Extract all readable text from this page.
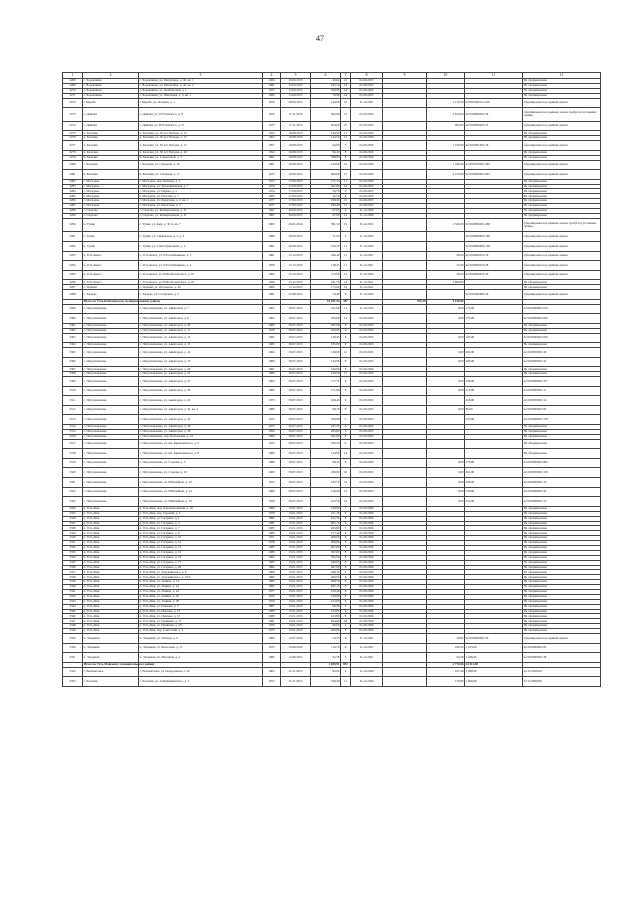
47
1	2	3	4	5	6	7	8	9	10	11	12
3268	с. Боровлянка	с. Боровлянка, ул. Магдалина, д. 4б, кв. 1	1984	15.09.2015	40,64	12	01.09.2025				Не сформировано
3269	с. Боровлянка	с. Боровлянка, ул. Магдалина, д. 4б, кв. 2	1981	15.09.2015	183,14	14	01.09.2025				Не сформировано
3270	с. Боровлянка	с. Боровлянка, ул. Октябрьская, д. 1	1972	15.09.2015	169,96	14	01.09.2025				Не сформировано
3271	с. Боровлянка	с. Боровлянка, ул. Школьная, д. 3, кв. 1	1982	15.09.2015	79,98	14	01.09.2025				Не сформировано
3272	г. Барыбь	г. Барыбь, ул. Озерная, д. 1	1976	28.09.2015	149,00	16	31.12.2021		1 179,00	42:29:0400111:166	Сформирован под единым домом
3273	с. Дмитки	с. Дмитки, ул. П.Угланского, д. 9	1970	17.11.2016	302,00	17	01.09.2025		2 013,00	42:29:0600021:59	Сформирован под единым домом, требуется уточнение границ
3274	с. Дмитки	с. Дмитки, ул. Н.Угланского, д. 15	1975	17.11.2016	304,00	27	01.09.2025		963,00	42:29:0600021:55	Сформирован под единым домом
3275	п. Калачик	п. Калачик, ул. 30 лет Победы, д. 14	1954	19.08.2015	144,50	11	01.09.2026				Не сформировано
3276	п. Калачик	п. Калачик, ул. 30 лет Победы, д. 15	1962	19.08.2015	144,50	11	01.09.2026				Не сформировано
3277	п. Калачик	п. Калачик, ул. 30 лет Победы, д. 17	1957	19.08.2015	94,90	7	01.09.2026		1 100,00	42:29:0901002:36	Сформирован под единым домом
3278	п. Калачик	п. Калачик, ул. 30 лет Победы, д. 46	1952	19.08.2015	96,40	8	01.09.2026				Не сформировано
3279	п. Калачик	п. Калачик, ул. Г.Арысовой, д. 3	1961	19.08.2015	188,80	8	01.09.2026				Не сформировано
3280	с. Калачик	с. Калачик, ул. Суворова, д. 29	1961	19.08.2015	410,60	16	01.09.2026		1 326,00	42:29:0070301:364	Сформирован под единым домом
3281	п. Калачик	п. Калачик, ул. Северная, д. 17	1975	19.08.2015	490,00	17	01.09.2026		2 153,00	42:29:0900001:843	Сформирован под единым домом
3282	с. Магадань	с. Магадань, пер. Коннова, д. 3	1973	17.09.2015	171,13	11	01.09.2026				Не сформировано
3283	с. Магадань	с. Магадань, ул. Урожайнинская, д. 7	1976	17.09.2015	321,80	12	01.09.2025				Не сформировано
3284	с. Магадань	с. Магадань, ул. Первая, д. 2	1974	17.09.2015	59,70	4	01.09.2025				Не сформировано
3285	с. Магадань	с. Магадань, ул. Песочня, д. 7	1983	17.09.2015	32,50	4	01.09.2025				Не сформировано
3286	с. Магадань	с. Магадань, ул. Береговая, д. 2, кв. 1	1977	17.09.2015	198,39	12	01.09.2025				Не сформировано
3287	с. Магадань	с. Магадань, ул. Береговая, д. 3	1977	17.09.2015	296,40	12	01.09.2025				Не сформировано
3288	с. Сиделка	с. Сиделка, ул. Коммунальная, д. 31	1967	30.09.2015	67,00	6	31.12.2020				Не сформировано
3289	с. Сиделка	с. Сиделка, ул. Коммунальная, д. 31	1967	30.09.2015	67,00	12	31.12.2020				Не сформировано
3290	п. Тупик	с. Тупик, ул. Кыр, д. 30 А, кв. 7	1963	20.01.2016	381,50	15	31.12.2021		1 520,00	42:29:0800001:268	Сформирован под единым домом, требуется уточнение границ
3291	с. Тупик	с. Тупик, ул. Сивковская, д. 2, д. 2	1968	20.09.2015	71,50	4	31.12.2023			42:29:0800002:160	Сформирован под единым домом
3292	п. Тупик	с. Тупик, ул. Стёпа Ермолаева, д. 2	1961	20.08.2015	150,10	11	31.12.2023			42:29:0800002:158	Сформирован под единым домом
3293	п. Усть-Кокса	с. Усть-Кокса, ул. П.П.Олейникова, д. 3	1961	15.12.2015	160,40	11	31.12.2021		20,00	42:29:0600013:18	Сформирован под единым домом
3294	п. Усть-Кокса	с. Усть-Кокса, ул. П.П.Олейникова, д. 4	1958	15.12.2015	138,25	11	31.12.2021		25,00	42:29:0600013:28	Сформирован под единым домом
3295	п. Усть-Кокса	с. Усть-Кокса, ул. Н.Ф.Оболенского, д. 10	1962	15.12.2015	153,60	12	31.12.2020		36,00	42:29:0600013:30	Сформирован под единым домом
3296	п. Усть-Кокса	с. Усть-Кокса, ул. Н.Ф.Оболенского, д. 23	1958	15.12.2015	161,70	13	31.12.2021		1 900,00		Не сформировано
3297	с. Черный	с. Черный, ул. Оболенска, д. 26	1969	15.12.2015	173,90	16	31.12.2021				Не сформировано
3298	с. Загорье	с. Загорье, ул. Салтычева, д. 3	1981	21.08.2015	79,40	8	31.12.2023			42:29:0400602:26	Сформирован под единым домом
	Итого по Усть-Кобиленскому муниципальному району				16 201,24	487		395,49	9 610,00		
3299	с. Петропавловка	с. Петропавловка, ул. Авиаторов, д. 7	1963	30.07.2013	191,69	11	31.12.2014		0,00	175,00	42:29:0000001:615
3300	с. Петропавловка	с. Петропавловка, ул. Авиаторов, д. 8	1963	30.07.2013	185,00	14	01.09.2025		0,00	170,00	42:29:0000001:667
3301	с. Петропавловка	с. Петропавловка, ул. Авиаторов, д. 20	1985	30.07.2013	181,60	9	01.09.2025				Не сформировано
3302	с. Петропавловка	с. Петропавловка, ул. Авиаторов, д. 11	1978	30.07.2013	184,00	9	01.09.2025				Не сформировано
3303	с. Петропавловка	с. Петропавловка, ул. Авиаторов, д. 12	1982	30.07.2013	128,45	8	01.09.2025		0,00	195,00	42:29:0000001:635
3304	с. Петропавловка	с. Петропавловка, ул. Авиаторов, д. 13	1983	30.07.2013	185,00	9	01.09.2025				Не сформировано
3305	с. Петропавловка	с. Петропавловка, ул. Авиаторов, д. 14	1964	30.07.2013	128,00	12	01.09.2025		0,00	202,00	42:29:0000001:45
3306	с. Петропавловка	с. Петропавловка, ул. Авиаторов, д. 15	1984	30.07.2013	134,96	8	01.09.2025		0,00	200,00	42:29:0000001:52
3307	с. Петропавловка	с. Петропавловка, ул. Авиаторов, д. 20	1961	30.07.2013	140,00	8	01.09.2026				Не сформировано
3308	с. Петропавловка	с. Петропавловка, ул. Авиаторов, д. 21	1989	30.07.2013	234,50	17	01.09.2025				Не сформировано
3309	с. Петропавловка	с. Петропавловка, ул. Авиаторов, д. 27	1963	30.07.2013	177,70	8	01.09.2025		0,00	199,00	42:29:0000001:477
3310	с. Петропавловка	с. Петропавловка, ул. Авиаторов, д. 28	1985	30.07.2013	171,80	9	01.09.2025		0,00	214,00	42:29:0000001:11
3311	с. Петропавловка	с. Петропавловка, ул. Авиаторов, д. 29	1973	30.07.2013	168,40	9	01.09.2025			218,00	42:29:0000001:14
3312	с. Петропавловка	с. Петропавловка, ул. Авиаторов, д. 32, кв. 4	1986	30.07.2013	68,10	8	01.09.2025		0,00	86,00	42:29:0000001:83
3313	с. Петропавловка	с. Петропавловка, ул. Авиаторов, д. 35	1973	30.07.2013	200,80	5	01.09.2025			237,00	42:29:0000001:178
3314	с. Петропавловка	с. Петропавловка, ул. Авиаторов, д. 36	1975	30.07.2013	187,20	9	01.09.2025				Не сформировано
3315	с. Петропавловка	с. Петропавловка, ул. Авиаторов, д. 39	1993	30.07.2013	263,80	5	01.09.2025				Не сформировано
3316	с. Петропавловка	с. Петропавловка, пер. Болтанская, д. 14	1984	30.07.2013	201,60	8	01.09.2025				Не сформировано
3317	с. Петропавловка	с. Петропавловка, ул. им. Крымчевского, д. 6	1973	30.07.2013	180,50	9	01.09.2025				Не сформировано
3318	с. Петропавловка	с. Петропавловка, ул. им. Крымчевского, д. 8	1982	30.07.2013	124,00	14	01.09.2025				Не сформировано
3319	с. Петропавловка	с. Петропавловка, ул. Стрелка, д. 3	1986	30.07.2013	68,45	6	01.09.2026		0,00	176,00	42:29:0000001:881
3320	с. Петропавловка	с. Петропавловка, ул. Стрелка, д. 10	1963	30.07.2013	230,00	16	01.09.2025		0,00	321,00	42:29:0000001:195
3321	с. Петропавловка	с. Петропавловка, ул. Юбилейная, д. 10	1972	30.07.2013	232,70	16	01.09.2025		0,00	180,00	42:29:0000001:10
3322	с. Петропавловка	с. Петропавловка, ул. Юбилейная, д. 14	1980	30.07.2013	126,00	13	01.09.2025		0,00	150,00	42:29:0000001:43
3323	с. Петропавловка	с. Петропавловка, ул. Юбилейная, д. 19	1950	30.07.2013	252,50	16	01.09.2025		0,00	341,00	42:29:0000001:12
3324	п. Усть-Мая	п. Усть-Мая, пер. Аэровокзальный, д. 16	1969	15.01.2015	410,80	7	01.09.2026				Не сформировано
3325	п. Усть-Мая	п. Усть-Мая, пер. Гаражей, д. 3	1979	15.01.2015	471,30	9	01.09.2026				Не сформировано
3326	п. Усть-Мая	п. Усть-Мая, ул. Гагарина, д. 1	1982	15.01.2015	452,24	8	01.09.2026				Не сформировано
3327	п. Усть-Мая	п. Усть-Мая, ул. Гагарина, д. 4	1981	15.01.2015	465,10	8	01.09.2026				Не сформировано
3328	п. Усть-Мая	п. Усть-Мая, ул. Гагарина, д. 7	1983	15.01.2015	465,80	7	01.09.2026				Не сформировано
3329	п. Усть-Мая	п. Усть-Мая, ул. Гагарина, д. 8	1985	15.01.2015	477,40	8	01.09.2026				Не сформировано
3330	п. Усть-Мая	п. Усть-Мая, ул. Гагарина, д. 10	1971	15.01.2015	408,00	8	01.09.2026				Не сформировано
3331	п. Усть-Мая	п. Усть-Мая, ул. Гагарина, д. 12	1978	15.01.2015	408,00	8	01.09.2026				Не сформировано
3332	п. Усть-Мая	п. Усть-Мая, ул. Гагарина, д. 14	1983	15.01.2015	407,00	8	01.09.2026				Не сформировано
3333	п. Усть-Мая	п. Усть-Мая, ул. Гагарина, д. 15	1986	15.01.2015	397,00	8	01.09.2026				Не сформировано
3334	п. Усть-Мая	п. Усть-Мая, ул. Гагарина, д. 16	1982	15.01.2015	395,00	8	01.09.2026				Не сформировано
3335	п. Усть-Мая	п. Усть-Мая, ул. Гагарина, д. 17	1983	15.01.2015	440,00	8	01.09.2026				Не сформировано
3336	п. Усть-Мая	п. Усть-Мая, ул. Гагарина, д. 20	1982	15.01.2015	407,00	8	01.09.2026				Не сформировано
3337	п. Усть-Мая	п. Усть-Мая, ул. Дзержинского, д. 6	1968	15.01.2015	448,33	9	01.09.2026				Не сформировано
3338	п. Усть-Мая	п. Усть-Мая, ул. Дзержинского, д. 16/2	1982	15.01.2015	409,60	8	01.09.2026				Не сформировано
3339	п. Усть-Мая	п. Усть-Мая, ул. Ленина, д. 14	1983	15.01.2015	408,70	8	01.09.2026				Не сформировано
3340	п. Усть-Мая	п. Усть-Мая, ул. Ленина, д. 22	1983	15.01.2015	407,10	8	01.09.2026				Не сформировано
3341	п. Усть-Мая	п. Усть-Мая, ул. Ленина, д. 24	1977	15.01.2015	410,40	8	01.09.2026				Не сформировано
3342	п. Усть-Мая	п. Усть-Мая, ул. Ленина, д. 26	1976	15.01.2015	410,00	8	01.09.2026				Не сформировано
3343	п. Усть-Мая	п. Усть-Мая, ул. Ленина, д. 28	1979	15.01.2015	413,00	8	01.09.2026				Не сформировано
3344	п. Усть-Мая	п. Усть-Мая, ул. Павлова, д. 2	1967	15.01.2015	90,30	4	01.09.2026				Не сформировано
3345	п. Усть-Мая	п. Усть-Мая, ул. Павлова, д. 13	1983	15.01.2015	413,60	8	01.09.2026				Не сформировано
3346	п. Усть-Мая	п. Усть-Мая, ул. Павлова, д. 15	1980	15.01.2015	413,00	8	01.09.2026				Не сформировано
3347	п. Усть-Мая	п. Усть-Мая, ул. Пушкина, д. 17	1981	15.01.2015	844,00	18	01.09.2026				Не сформировано
3348	п. Усть-Мая	п. Усть-Мая, ул. Пушкина, д. 25	1970	15.01.2015	90,00	4	01.09.2026				Не сформировано
3349	п. Усть-Мая	п. Усть-Мая, пер. Советский, д. 4	1975	15.01.2015	409,00	8	01.09.2026				Не сформировано
3350	п. Эльдикан	п. Эльдикан, ул. Победы, д. 6	1969	12.07.2014	79,25	6	31.12.2021		50,65	42:29:0900001:56	Сформирован под единым домом
3356	п. Эльдикан	п. Эльдикан, ул. Береговая, д. 15	1973	12.06.2012	119,70	6	31.12.2021		180,54	1 453,00	42:29:0000001:83
3351	п. Эльдикан	п. Эльдикан, ул. Нагорная, д. 2	1982	12.06.2011	92,38	3	31.12.2021		94,28	1 446,00	42:29:0900001:38
	Итого по Усть-Майскому муниципальному району				1 609,91	851			2 770,86	24 414,00	
3352	с. Верхнетанск	с. Верхнетанск, ул. Подорожная, д. 20	1963	25.11.2015	92,00	6	31.12.2024		107,40	1 480,00	42:11:0500:00
3353	с. Калачик	с. Калачик, ул. А.Кушниковского, д. 1	1972	25.11.2015	198,40	11	31.12.2024		179,86	1 660,00	42:11:0600:00
